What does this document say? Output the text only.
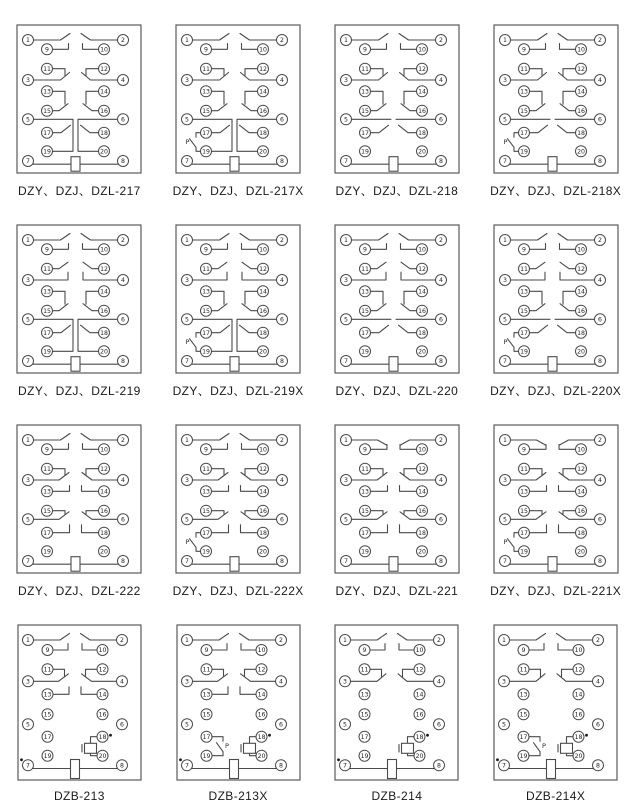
1
3
5
7
2
4
6
8
9
11
13
15
17
19
10
12
14
16
18
20
DZY、DZJ、DZL-217
1
3
5
7
2
4
6
8
9
11
13
15
17
19
10
12
14
16
18
20
P
DZY、DZJ、DZL-217X
1
3
5
7
2
4
6
8
9
11
13
15
17
19
10
12
14
16
18
20
DZY、DZJ、DZL-218
1
3
5
7
2
4
6
8
9
11
13
15
17
19
10
12
14
16
18
20
P
DZY、DZJ、DZL-218X
1
3
5
7
2
4
6
8
9
11
13
15
17
19
10
12
14
16
18
20
DZY、DZJ、DZL-219
1
3
5
7
2
4
6
8
9
11
13
15
17
19
10
12
14
16
18
20
P
DZY、DZJ、DZL-219X
1
3
5
7
2
4
6
8
9
11
13
15
17
19
10
12
14
16
18
20
DZY、DZJ、DZL-220
1
3
5
7
2
4
6
8
9
11
13
15
17
19
10
12
14
16
18
20
P
DZY、DZJ、DZL-220X
1
3
5
7
2
4
6
8
9
11
13
15
17
19
10
12
14
16
18
20
DZY、DZJ、DZL-222
1
3
5
7
2
4
6
8
9
11
13
15
17
19
10
12
14
16
18
20
P
DZY、DZJ、DZL-222X
1
3
5
7
2
4
6
8
9
11
13
15
17
19
10
12
14
16
18
20
DZY、DZJ、DZL-221
1
3
5
7
2
4
6
8
9
11
13
15
17
19
10
12
14
16
18
20
P
DZY、DZJ、DZL-221X
1
3
5
7
2
4
6
8
9
11
13
15
17
19
10
12
14
16
18
20
DZB-213
1
3
5
7
2
4
6
8
9
11
13
15
17
19
10
12
14
16
18
20
P
DZB-213X
1
3
5
7
2
4
6
8
9
11
13
15
17
19
10
12
14
16
18
20
DZB-214
1
3
5
7
2
4
6
8
9
11
13
15
17
19
10
12
14
16
18
20
P
DZB-214X
